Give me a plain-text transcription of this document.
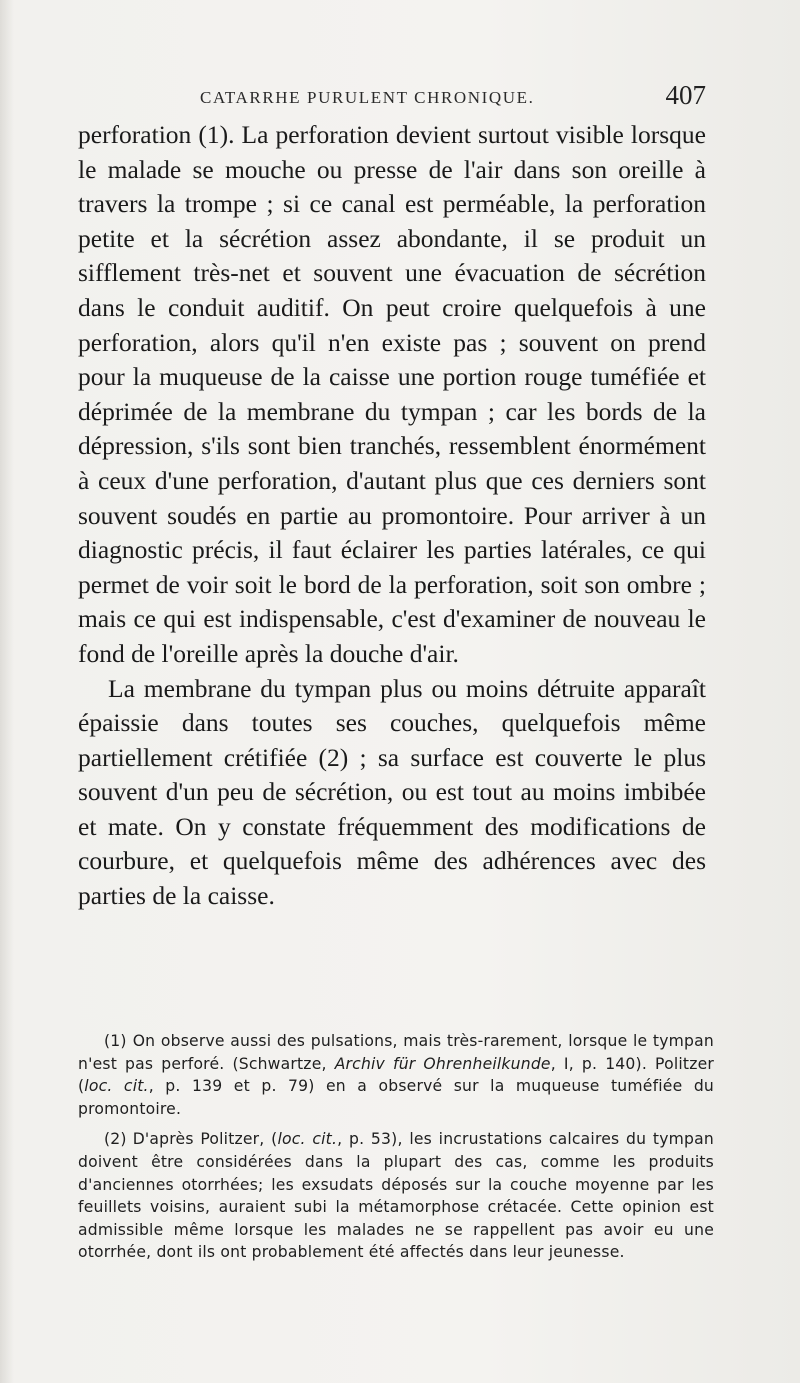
CATARRHE PURULENT CHRONIQUE.	407

perforation (1). La perforation devient surtout visible lorsque le malade se mouche ou presse de l'air dans son oreille à travers la trompe ; si ce canal est perméable, la perforation petite et la sécrétion assez abondante, il se produit un sifflement très-net et souvent une évacuation de sécrétion dans le conduit auditif. On peut croire quelquefois à une perforation, alors qu'il n'en existe pas ; souvent on prend pour la muqueuse de la caisse une portion rouge tuméfiée et déprimée de la membrane du tympan ; car les bords de la dépression, s'ils sont bien tranchés, ressemblent énormément à ceux d'une perforation, d'autant plus que ces derniers sont souvent soudés en partie au promontoire. Pour arriver à un diagnostic précis, il faut éclairer les parties latérales, ce qui permet de voir soit le bord de la perforation, soit son ombre ; mais ce qui est indispensable, c'est d'examiner de nouveau le fond de l'oreille après la douche d'air.

La membrane du tympan plus ou moins détruite apparaît épaissie dans toutes ses couches, quelquefois même partiellement crétifiée (2) ; sa surface est couverte le plus souvent d'un peu de sécrétion, ou est tout au moins imbibée et mate. On y constate fréquemment des modifications de courbure, et quelquefois même des adhérences avec des parties de la caisse.

(1) On observe aussi des pulsations, mais très-rarement, lorsque le tympan n'est pas perforé. (Schwartze, Archiv für Ohrenheilkunde, I, p. 140). Politzer (loc. cit., p. 139 et p. 79) en a observé sur la muqueuse tuméfiée du promontoire.

(2) D'après Politzer, (loc. cit., p. 53), les incrustations calcaires du tympan doivent être considérées dans la plupart des cas, comme les produits d'anciennes otorrhées; les exsudats déposés sur la couche moyenne par les feuillets voisins, auraient subi la métamorphose crétacée. Cette opinion est admissible même lorsque les malades ne se rappellent pas avoir eu une otorrhée, dont ils ont probablement été affectés dans leur jeunesse.
